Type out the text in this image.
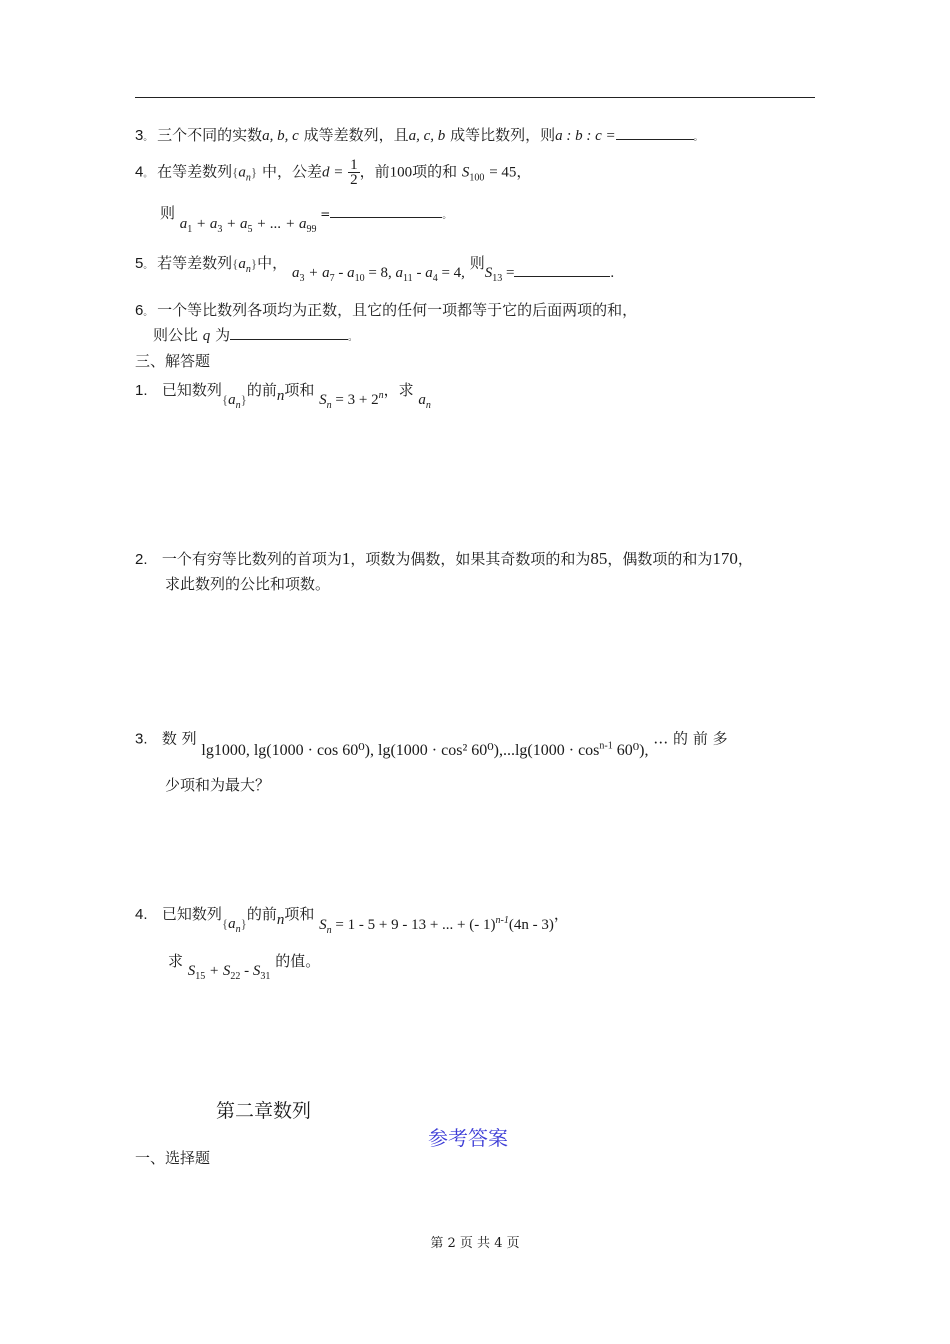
3。 三个不同的实数a, b, c 成等差数列，且a, c, b 成等比数列，则a : b : c =	。
4。 在等差数列$\{a_n\}$ 中，公差$d = \frac{1}{2}$ ，前100项的和 $S_{100} = 45$，
则 $a_1 + a_3 + a_5$ + ... + $a_{99}$ =	。
5。 若等差数列$\{a_n\}$中， $a_3 + a_7 - a_{10} = 8$, $a_{11} - a_4 = 4$, 则$S_{13}$ =	.
6。 一个等比数列各项均为正数，且它的任何一项都等于它的后面两项的和，
则公比 q 为	。
三、解答题
1. 已知数列$\{a_n\}$的前n项和 $S_n = 3 + 2^n$，求 $a_n$
2. 一个有穷等比数列的首项为1，项数为偶数，如果其奇数项的和为85，偶数项的和为170，
求此数列的公比和项数。
3. 数 列 lg1000, lg(1000 · cos 60⁰), lg(1000 · cos² $60^0),...\lg(1000 \cdot \cos^{n-1} 60^0)$, … 的 前 多
少项和为最大？
4. 已知数列$\{a_n\}$的前n项和 $S_n = 1 - 5 + 9 - 13$ + ... + (- 1)$^{n-1}$(4n - 3)，
求 $S_{15} + S_{22} - S_{31}$ 的值。
第二章数列
参考答案
一、选择题
第 2 页 共 4 页
